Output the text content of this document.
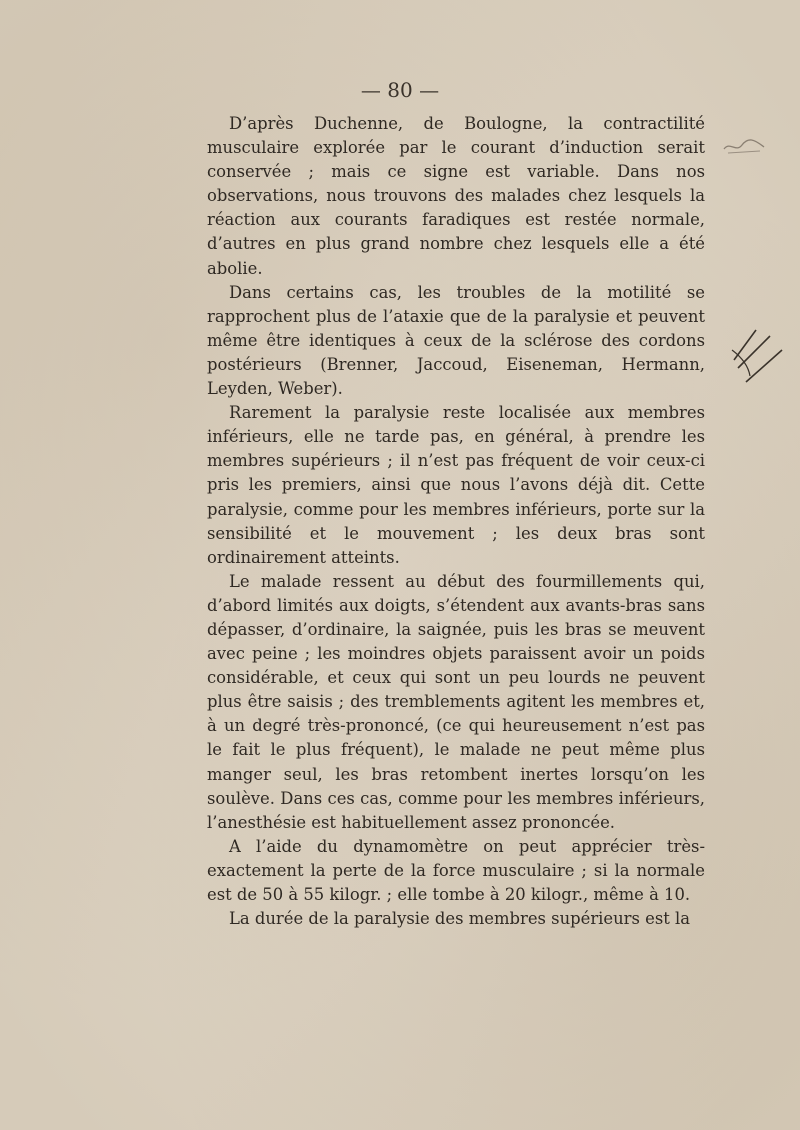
— 80 —

D’après Duchenne, de Boulogne, la contractilité musculaire explorée par le courant d’induction serait conservée ; mais ce signe est variable. Dans nos observations, nous trouvons des malades chez lesquels la réaction aux courants faradiques est restée normale, d’autres en plus grand nombre chez lesquels elle a été abolie.

Dans certains cas, les troubles de la motilité se rapprochent plus de l’ataxie que de la paralysie et peuvent même être identiques à ceux de la sclérose des cordons postérieurs (Brenner, Jaccoud, Eiseneman, Hermann, Leyden, Weber).

Rarement la paralysie reste localisée aux membres inférieurs, elle ne tarde pas, en général, à prendre les membres supérieurs ; il n’est pas fréquent de voir ceux-ci pris les premiers, ainsi que nous l’avons déjà dit. Cette paralysie, comme pour les membres inférieurs, porte sur la sensibilité et le mouvement ; les deux bras sont ordinairement atteints.

Le malade ressent au début des fourmillements qui, d’abord limités aux doigts, s’étendent aux avants-bras sans dépasser, d’ordinaire, la saignée, puis les bras se meuvent avec peine ; les moindres objets paraissent avoir un poids considérable, et ceux qui sont un peu lourds ne peuvent plus être saisis ; des tremblements agitent les membres et, à un degré très-prononcé, (ce qui heureusement n’est pas le fait le plus fréquent), le malade ne peut même plus manger seul, les bras retombent inertes lorsqu’on les soulève. Dans ces cas, comme pour les membres inférieurs, l’anesthésie est habituellement assez prononcée.

A l’aide du dynamomètre on peut apprécier très-exactement la perte de la force musculaire ; si la normale est de 50 à 55 kilogr. ; elle tombe à 20 kilogr., même à 10.

La durée de la paralysie des membres supérieurs est la
